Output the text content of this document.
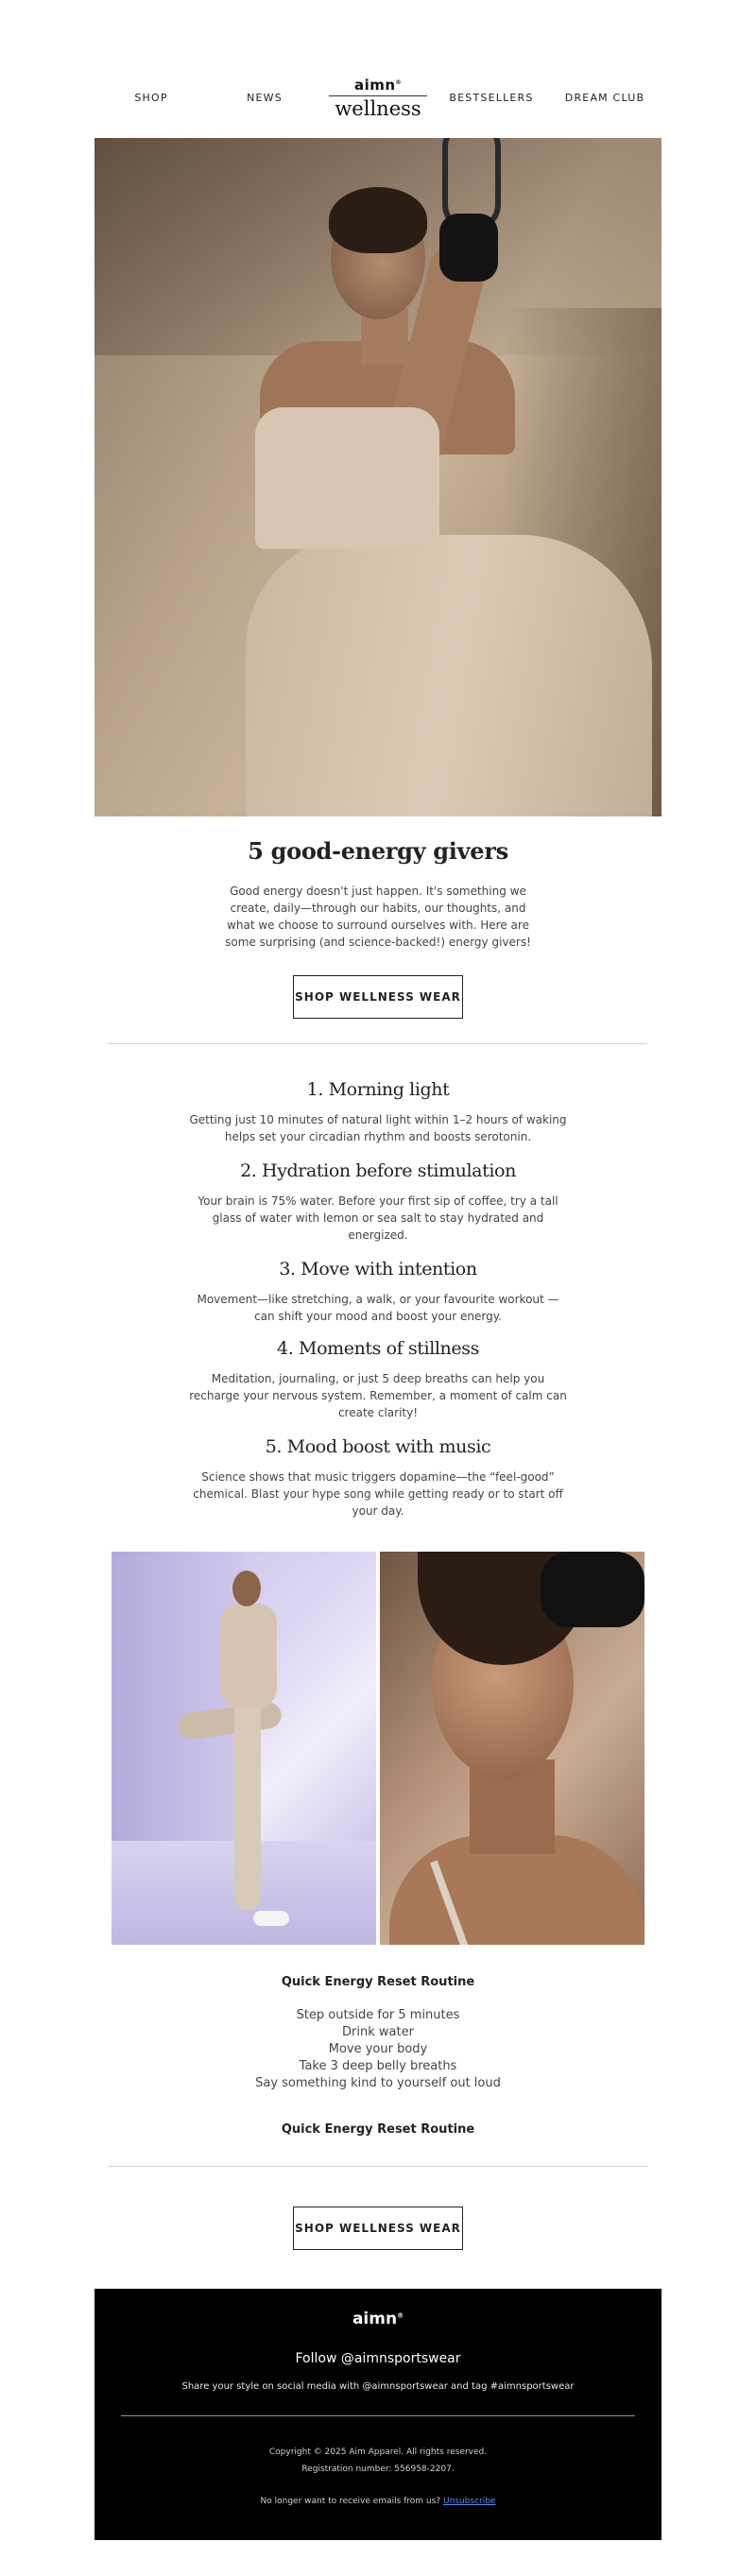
SHOP	NEWS
aimn®
wellness	BESTSELLERS	DREAM CLUB
5 good-energy givers

Good energy doesn't just happen. It's something we create, daily—through our habits, our thoughts, and what we choose to surround ourselves with. Here are some surprising (and science-backed!) energy givers!

SHOP WELLNESS WEAR
1. Morning light

Getting just 10 minutes of natural light within 1–2 hours of waking helps set your circadian rhythm and boosts serotonin.

2. Hydration before stimulation

Your brain is 75% water. Before your first sip of coffee, try a tall glass of water with lemon or sea salt to stay hydrated and energized.

3. Move with intention

Movement—like stretching, a walk, or your favourite workout —can shift your mood and boost your energy.

4. Moments of stillness

Meditation, journaling, or just 5 deep breaths can help you recharge your nervous system. Remember, a moment of calm can create clarity!

5. Mood boost with music

Science shows that music triggers dopamine—the “feel-good” chemical. Blast your hype song while getting ready or to start off your day.

Quick Energy Reset Routine
Step outside for 5 minutes
Drink water
Move your body
Take 3 deep belly breaths
Say something kind to yourself out loud
Quick Energy Reset Routine
SHOP WELLNESS WEAR
aimn®
Follow @aimnsportswear
Share your style on social media with @aimnsportswear and tag #aimnsportswear
Copyright © 2025 Aim Apparel. All rights reserved.
Registration number: 556958-2207.
No longer want to receive emails from us? Unsubscribe
